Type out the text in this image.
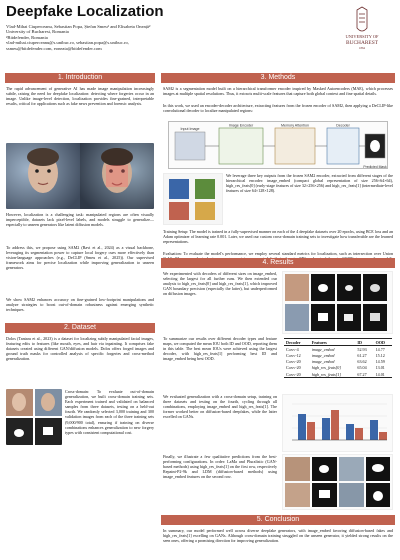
Deepfake Localization
Vlad-Mihai Ciuperceanu, Sebastian Popa, Ștefan Smeu¹ and Elisabeta Oneață²
University of Bucharest, Romania
²Bitdefender, Romania
vlad-mihai.ciuperceanu@s.unibuc.ro, sebastian.popa@s.unibuc.ro,
ssmeu@bitdefender.com, eoneata@bitdefender.com
UNIVERSITY OF
BUCHAREST
1864
1. Introduction
The rapid advancement of generative AI has made image manipulation increasingly subtle, raising the need for deepfake localization: detecting where forgeries occur in an image. Unlike image-level detection, localization provides fine-grained, interpretable results, critical for applications such as fake news prevention and forensic analysis.
However, localization is a challenging task: manipulated regions are often visually imperceptible, datasets lack pixel-level labels, and models struggle to generalize—especially to unseen generators like latent diffusion models.
To address this, we propose using SAM2 (Ravi et al., 2024) as a visual backbone, leveraging its segmentation power to capture local forgery cues more effectively than vision-language approaches (e.g., DeCLIP (Smeu et al., 2025)). Our supervised framework aims for precise localization while improving generalization to unseen generators.
We show SAM2 enhances accuracy on fine-grained low-footprint manipulations and analyze strategies to boost out-of-domain robustness against emerging synthetic techniques.
2. Dataset
Dolos (Tantaru et al., 2023) is a dataset for localizing subtly manipulated facial images, featuring edits to features (like mouth, eyes, and hair via inpainting. It comprises fake datasets created using different GAN/diffusion models. Dolos offers forged images and ground truth masks for controlled analysis of specific forgeries and cross-method generalization.
Cross-domain: To evaluate out-of-domain generalization, we built cross-domain training sets. Each experiment trained and validated on balanced samples from three datasets, testing on a held-out fourth. We randomly selected 3,000 training and 300 validation images from each of the three training sets (9,000/900 total), ensuring if training on diverse combinations enhances generalization to new forgery types with consistent computational cost.
3. Methods
SAM2 is a segmentation model built on a hierarchical transformer encoder inspired by Masked Autoencoders (MAE), which processes images at multiple spatial resolutions. Thus, it extracts multi-scale features that capture both global context and fine spatial details.
In this work, we used an encoder-decoder architecture, extracting features from the frozen encoder of SAM2, then applying a DeCLIP-like convolutional decoder to localize manipulated regions:
Input Image
Image Encoder	Memory Attention	Decoder
Predicted Mask
We leverage three key outputs from the frozen SAM2 encoder, extracted from different stages of the hierarchical encoder: image_embed (compact global representation of size 256×64×64), high_res_feats[0] (early-stage features of size 32×256×256) and high_res_feats[1] (intermediate-level features of size 64×128×128).
Training Setup: The model is trained in a fully-supervised manner on each of the 4 deepfake datasets over 20 epochs, using BCE loss and an Adam optimizer of learning rate 0.001. Later, we used our custom cross-domain training sets to investigate how transferable are the learned representations.
Evaluation: To evaluate the model's performance, we employ several standard metrics for localization, such as intersection over Union
4. Results
We experimented with decoders of different sizes on image_embed, selecting the largest for all further runs. We then extended our analysis to high_res_feats[0] and high_res_feats[1], which improved GAN boundary precision (especially the latter), but underperformed on diffusion images.
To summarize our results over different decoder types and feature maps, we computed the mean IOU both ID and OOD, reporting them in this table. The best mean IOUs were achieved using the largest decoder, with high_res_feats[1] performing best ID and image_embed being best OOD.
Decoder	Features	ID	OOD
Conv-4	image_embed	52.93	14.77
Conv-12	image_embed	61.27	15.12
Conv-20	image_embed	63.62	14.59
Conv-20	high_res_feats[0]	65.04	13.01
Conv-20	high_res_feats[1]	67.27	14.01
We evaluated generalization with a cross-domain setup, training on three datasets and testing on the fourth, cycling through all combinations, employing image_embed and high_res_feats[1]. The former worked better on diffusion-based deepfakes, while the latter excelled on GANs.
Finally, we illustrate a few qualitative predictions from the best-performing configurations. In order: LaMa and Pluralistic (GAN-based methods) using high_res_feats[1] on the first row, respectively Repaint-P2-9k and LDM (diffusion-based methods) using image_embed features on the second row.
5. Conclusion
In summary, our model performed well across diverse deepfake generators, with image_embed favoring diffusion-based fakes and high_res_feats[1] excelling on GANs. Although cross-domain training struggled on the unseen generator, it yielded strong results on the seen ones, offering a promising direction for improving generalization.
